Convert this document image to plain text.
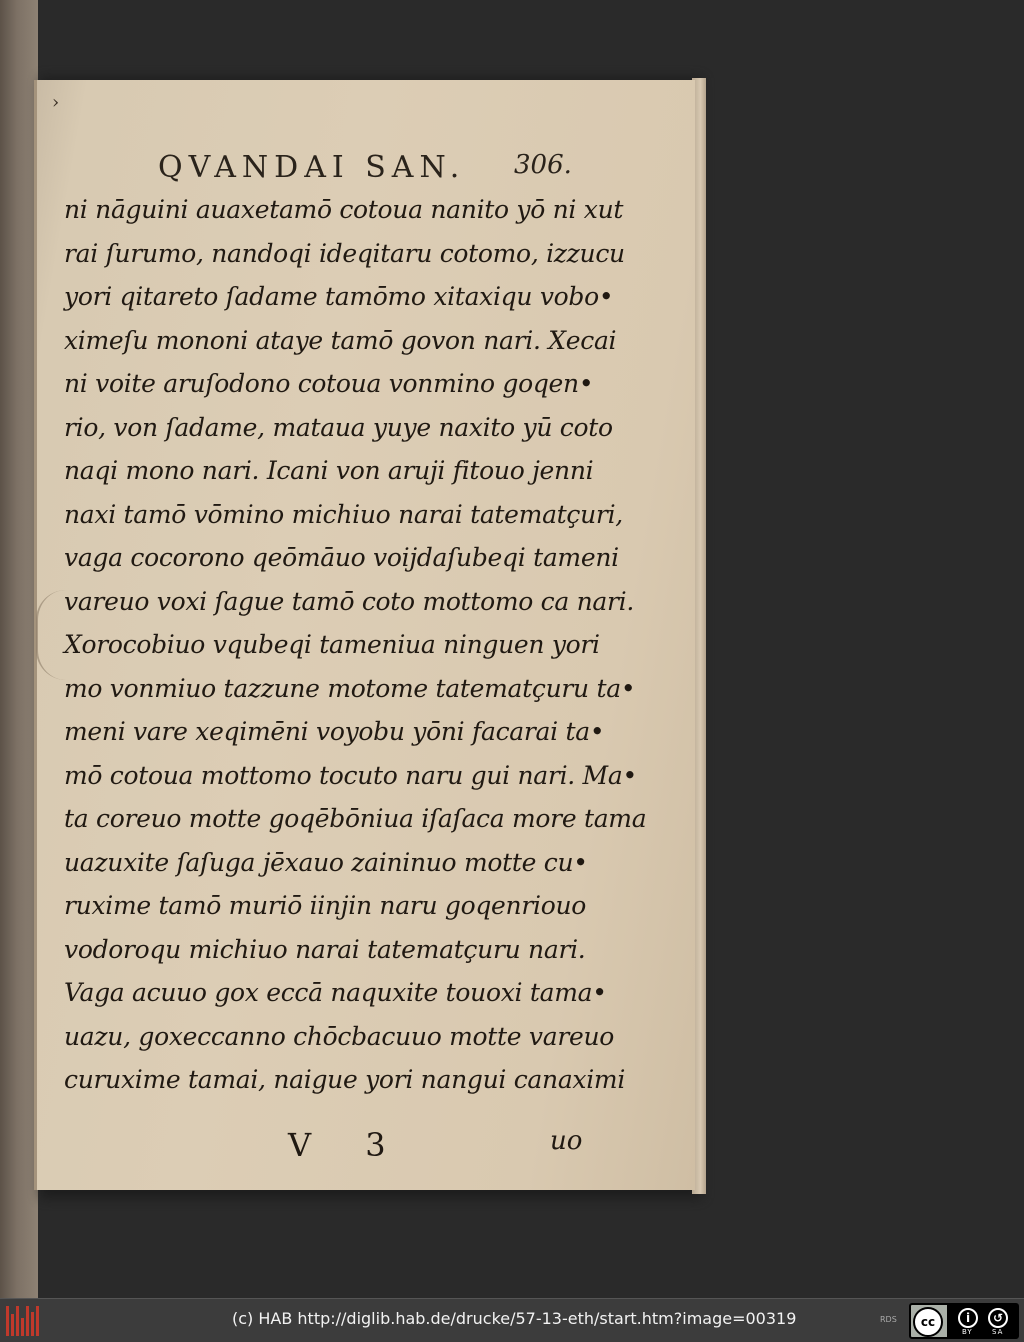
›
QVANDAI SAN. 306.
ni nāguini auaxetamō cotoua nanito yō ni xut
rai ſurumo, nandoqi ideqitaru cotomo, izzucu
yori qitareto ſadame tamōmo xitaxiqu vobo•
ximeſu mononi ataye tamō govon nari. Xecai
ni voite aruſodono cotoua vonmino goqen•
rio, von ſadame, mataua yuye naxito yū coto
naqi mono nari. Icani von aruji fitouo jenni
naxi tamō vōmino michiuo narai tatematçuri,
vaga cocorono qeōmāuo voijdaſubeqi tameni
vareuo voxi ſague tamō coto mottomo ca nari.
Xorocobiuo vqubeqi tameniua ninguen yori
mo vonmiuo tazzune motome tatematçuru ta•
meni vare xeqimēni voyobu yōni facarai ta•
mō cotoua mottomo tocuto naru gui nari. Ma•
ta coreuo motte goqēbōniua iſaſaca more tama
uazuxite ſaſuga jēxauo zaininuo motte cu•
ruxime tamō muriō iinjin naru goqenriouo
vodoroqu michiuo narai tatematçuru nari.
Vaga acuuo gox eccā naquxite touoxi tama•
uazu, goxeccanno chōcbacuuo motte vareuo
curuxime tamai, naigue yori nangui canaximi
V 3	uo
(c) HAB http://diglib.hab.de/drucke/57-13-eth/start.htm?image=00319	RDS	cc	i	↺
BY	SA
